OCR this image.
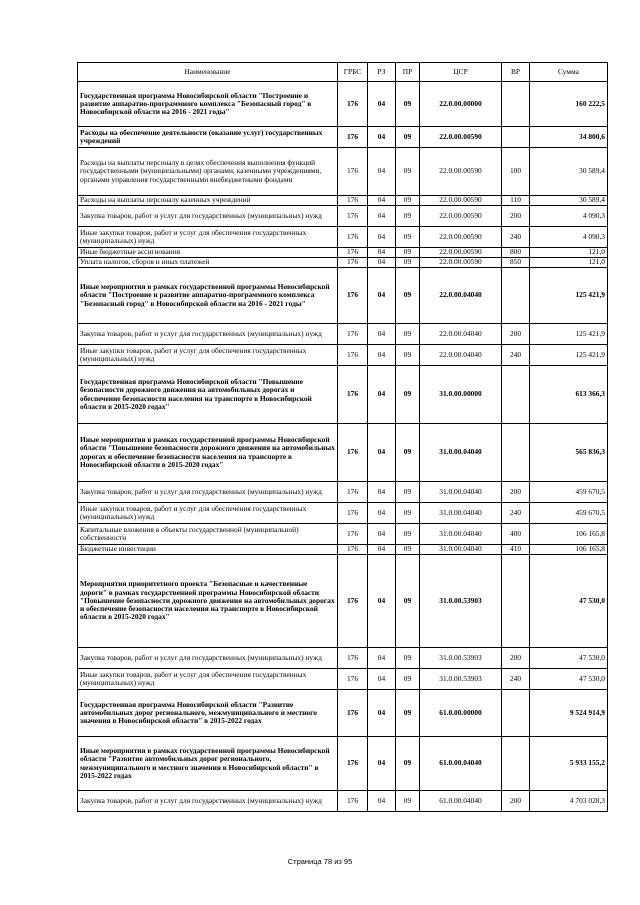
Наименование	ГРБС	РЗ	ПР	ЦСР	ВР	Сумма
Государственная программа Новосибирской области "Построение и развитие аппаратно-программного комплекса "Безопасный город" в Новосибирской области на 2016 - 2021 годы"	176	04	09	22.0.00.00000		160 222,5
Расходы на обеспечение деятельности (оказание услуг) государственных учреждений	176	04	09	22.0.00.00590		34 800,6
Расходы на выплаты персоналу в целях обеспечения выполнения функций государственными (муниципальными) органами, казенными учреждениями, органами управления государственными внебюджетными фондами	176	04	09	22.0.00.00590	100	30 589,4
Расходы на выплаты персоналу казенных учреждений	176	04	09	22.0.00.00590	110	30 589,4
Закупка товаров, работ и услуг для государственных (муниципальных) нужд	176	04	09	22.0.00.00590	200	4 090,3
Иные закупки товаров, работ и услуг для обеспечения государственных (муниципальных) нужд	176	04	09	22.0.00.00590	240	4 090,3
Иные бюджетные ассигнования	176	04	09	22.0.00.00590	800	121,0
Уплата налогов, сборов и иных платежей	176	04	09	22.0.00.00590	850	121,0
Иные мероприятия в рамках государственной программы Новосибирской области "Построение и развитие аппаратно-программного комплекса "Безопасный город" в Новосибирской области на 2016 - 2021 годы"	176	04	09	22.0.00.04040		125 421,9
Закупка товаров, работ и услуг для государственных (муниципальных) нужд	176	04	09	22.0.00.04040	200	125 421,9
Иные закупки товаров, работ и услуг для обеспечения государственных (муниципальных) нужд	176	04	09	22.0.00.04040	240	125 421,9
Государственная программа Новосибирской области "Повышение безопасности дорожного движения на автомобильных дорогах и обеспечение безопасности населения на транспорте в Новосибирской области в 2015-2020 годах"	176	04	09	31.0.00.00000		613 366,3
Иные мероприятия в рамках государственной программы Новосибирской области "Повышение безопасности дорожного движения на автомобильных дорогах и обеспечение безопасности населения на транспорте в Новосибирской области в 2015-2020 годах"	176	04	09	31.0.00.04040		565 836,3
Закупка товаров, работ и услуг для государственных (муниципальных) нужд	176	04	09	31.0.00.04040	200	459 670,5
Иные закупки товаров, работ и услуг для обеспечения государственных (муниципальных) нужд	176	04	09	31.0.00.04040	240	459 670,5
Капитальные вложения в объекты государственной (муниципальной) собственности	176	04	09	31.0.00.04040	400	106 165,8
Бюджетные инвестиции	176	04	09	31.0.00.04040	410	106 165,8
Мероприятия приоритетного проекта "Безопасные и качественные дороги" в рамках государственной программы Новосибирской области "Повышение безопасности дорожного движения на автомобильных дорогах и обеспечение безопасности населения на транспорте в Новосибирской области в 2015-2020 годах"	176	04	09	31.0.00.53903		47 530,0
Закупка товаров, работ и услуг для государственных (муниципальных) нужд	176	04	09	31.0.00.53903	200	47 530,0
Иные закупки товаров, работ и услуг для обеспечения государственных (муниципальных) нужд	176	04	09	31.0.00.53903	240	47 530,0
Государственная программа Новосибирской области "Развитие автомобильных дорог регионального, межмуниципального и местного значения в Новосибирской области" в 2015-2022 годах	176	04	09	61.0.00.00000		9 524 914,9
Иные мероприятия в рамках государственной программы Новосибирской области "Развитие автомобильных дорог регионального, межмуниципального и местного значения в Новосибирской области" в 2015-2022 годах	176	04	09	61.0.00.04040		5 933 155,2
Закупка товаров, работ и услуг для государственных (муниципальных) нужд	176	04	09	61.0.00.04040	200	4 703 028,3
Страница 78 из 95
